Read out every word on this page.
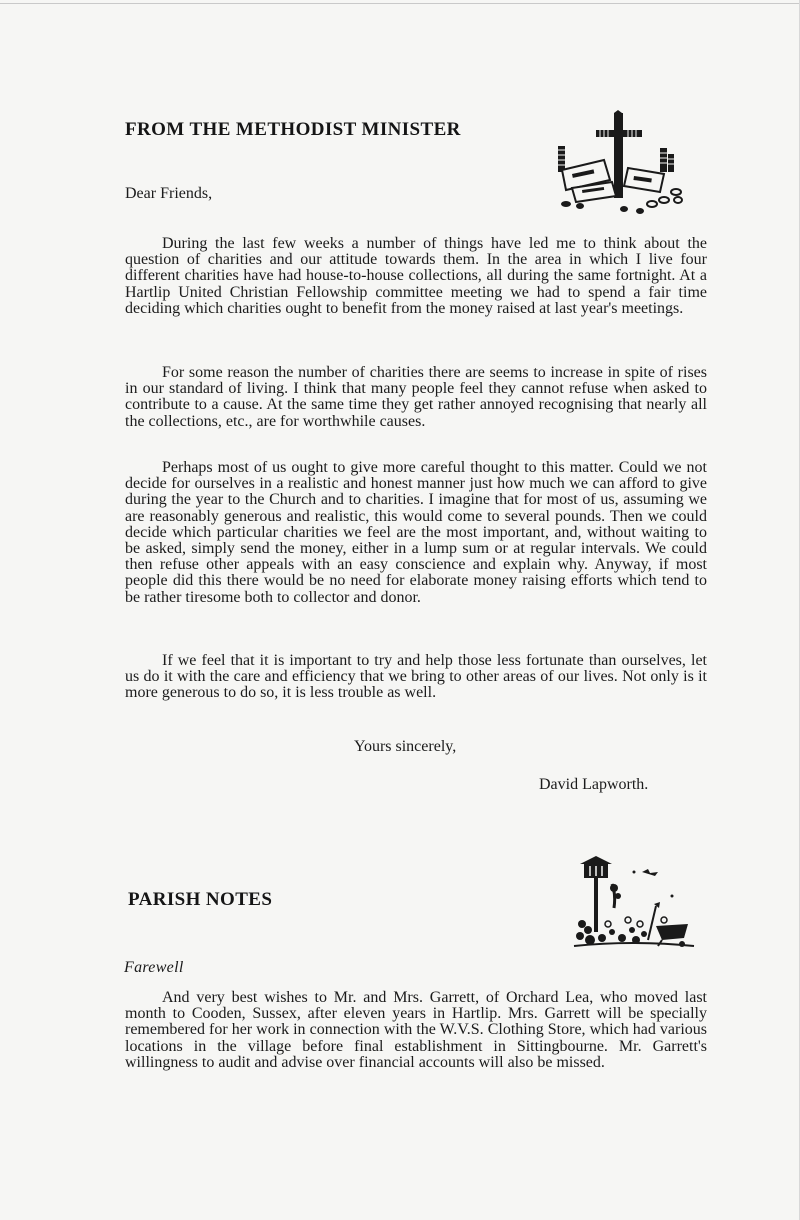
FROM THE METHODIST MINISTER

Dear Friends,

During the last few weeks a number of things have led me to think about the question of charities and our attitude towards them. In the area in which I live four different charities have had house-to-house collections, all during the same fortnight. At a Hartlip United Christian Fellowship committee meeting we had to spend a fair time deciding which charities ought to benefit from the money raised at last year's meetings.

For some reason the number of charities there are seems to increase in spite of rises in our standard of living. I think that many people feel they cannot refuse when asked to contribute to a cause. At the same time they get rather annoyed recognising that nearly all the collections, etc., are for worthwhile causes.

Perhaps most of us ought to give more careful thought to this matter. Could we not decide for ourselves in a realistic and honest manner just how much we can afford to give during the year to the Church and to charities. I imagine that for most of us, assuming we are reasonably generous and realistic, this would come to several pounds. Then we could decide which particular charities we feel are the most important, and, without waiting to be asked, simply send the money, either in a lump sum or at regular intervals. We could then refuse other appeals with an easy conscience and explain why. Anyway, if most people did this there would be no need for elaborate money raising efforts which tend to be rather tiresome both to collector and donor.

If we feel that it is important to try and help those less fortunate than ourselves, let us do it with the care and efficiency that we bring to other areas of our lives. Not only is it more generous to do so, it is less trouble as well.

Yours sincerely,

David Lapworth.

PARISH NOTES

Farewell

And very best wishes to Mr. and Mrs. Garrett, of Orchard Lea, who moved last month to Cooden, Sussex, after eleven years in Hartlip. Mrs. Garrett will be specially remembered for her work in connection with the W.V.S. Clothing Store, which had various locations in the village before final establishment in Sittingbourne. Mr. Garrett's willingness to audit and advise over financial accounts will also be missed.
